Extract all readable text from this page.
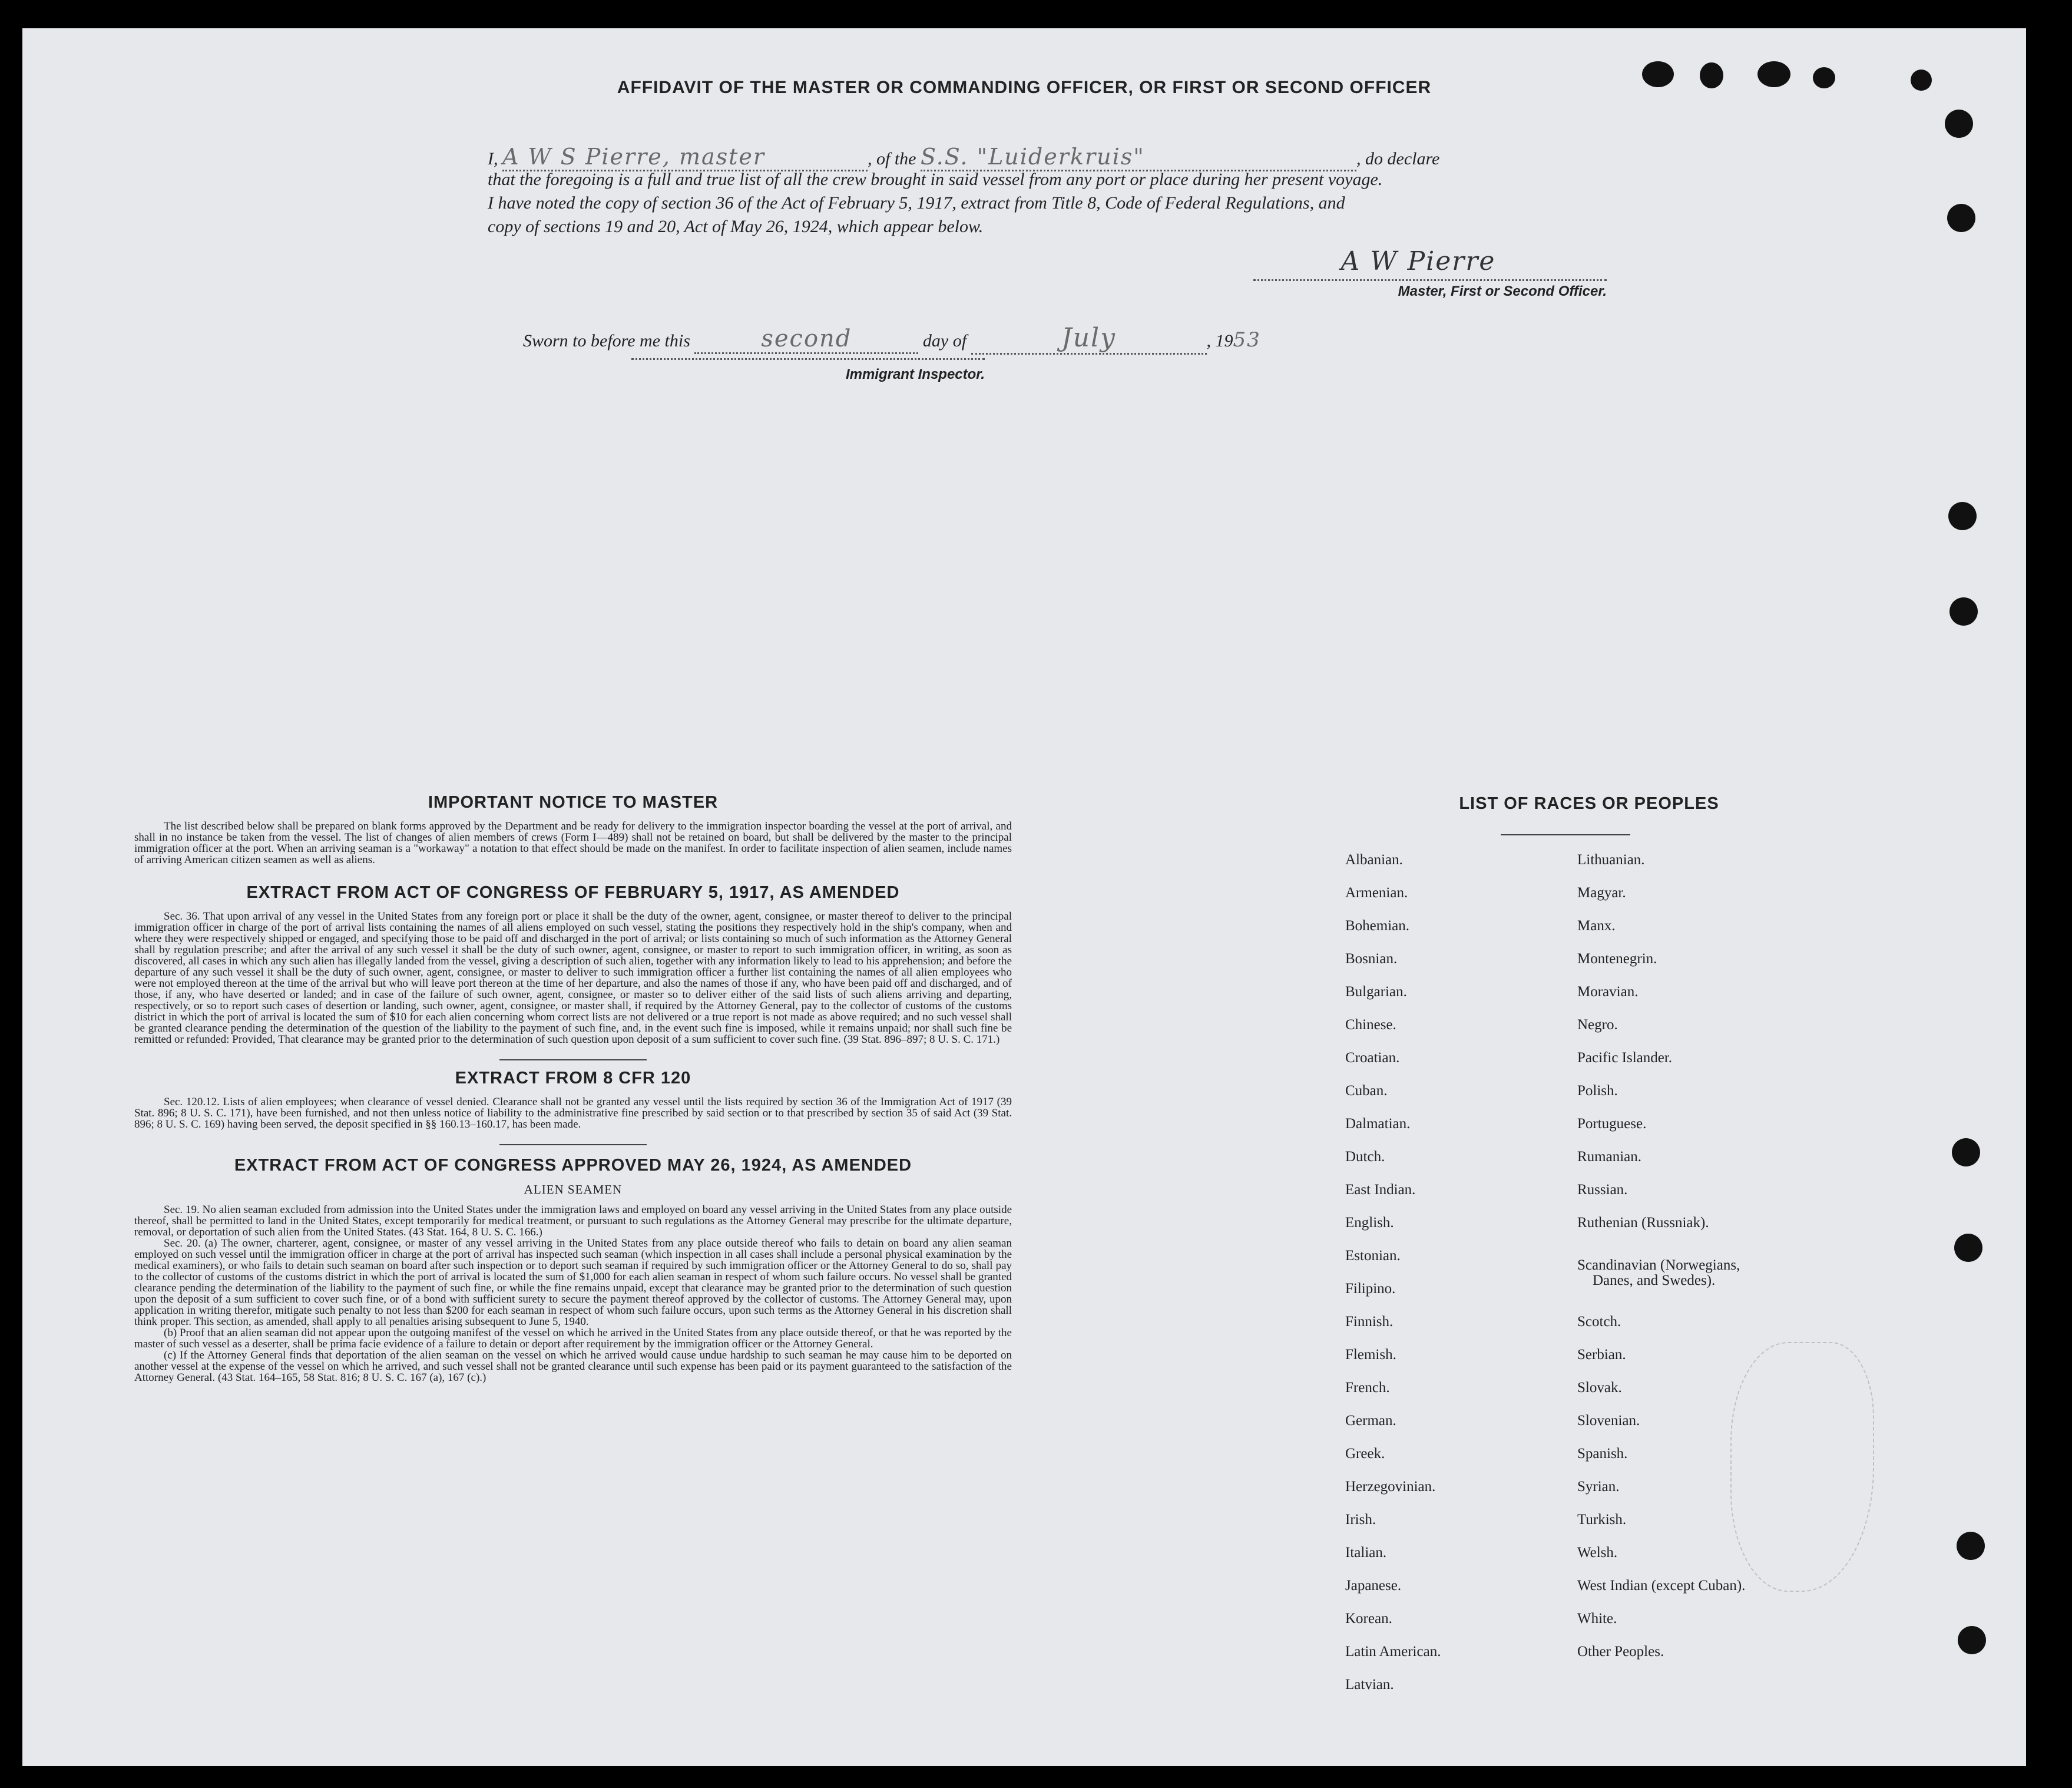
AFFIDAVIT OF THE MASTER OR COMMANDING OFFICER, OR FIRST OR SECOND OFFICER
I, A W S Pierre, master	, of the S.S. "Luiderkruis"	, do declare
that the foregoing is a full and true list of all the crew brought in said vessel from any port or place during her present voyage.
I have noted the copy of section 36 of the Act of February 5, 1917, extract from Title 8, Code of Federal Regulations, and
copy of sections 19 and 20, Act of May 26, 1924, which appear below.
A W Pierre
Master, First or Second Officer.
Sworn to before me this	second	day of	July	, 1953
Immigrant Inspector.
IMPORTANT NOTICE TO MASTER

The list described below shall be prepared on blank forms approved by the Department and be ready for delivery to the immigration inspector boarding the vessel at the port of arrival, and shall in no instance be taken from the vessel. The list of changes of alien members of crews (Form I—489) shall not be retained on board, but shall be delivered by the master to the principal immigration officer at the port. When an arriving seaman is a "workaway" a notation to that effect should be made on the manifest. In order to facilitate inspection of alien seamen, include names of arriving American citizen seamen as well as aliens.

EXTRACT FROM ACT OF CONGRESS OF FEBRUARY 5, 1917, AS AMENDED

Sec. 36. That upon arrival of any vessel in the United States from any foreign port or place it shall be the duty of the owner, agent, consignee, or master thereof to deliver to the principal immigration officer in charge of the port of arrival lists containing the names of all aliens employed on such vessel, stating the positions they respectively hold in the ship's company, when and where they were respectively shipped or engaged, and specifying those to be paid off and discharged in the port of arrival; or lists containing so much of such information as the Attorney General shall by regulation prescribe; and after the arrival of any such vessel it shall be the duty of such owner, agent, consignee, or master to report to such immigration officer, in writing, as soon as discovered, all cases in which any such alien has illegally landed from the vessel, giving a description of such alien, together with any information likely to lead to his apprehension; and before the departure of any such vessel it shall be the duty of such owner, agent, consignee, or master to deliver to such immigration officer a further list containing the names of all alien employees who were not employed thereon at the time of the arrival but who will leave port thereon at the time of her departure, and also the names of those if any, who have been paid off and discharged, and of those, if any, who have deserted or landed; and in case of the failure of such owner, agent, consignee, or master so to deliver either of the said lists of such aliens arriving and departing, respectively, or so to report such cases of desertion or landing, such owner, agent, consignee, or master shall, if required by the Attorney General, pay to the collector of customs of the customs district in which the port of arrival is located the sum of $10 for each alien concerning whom correct lists are not delivered or a true report is not made as above required; and no such vessel shall be granted clearance pending the determination of the question of the liability to the payment of such fine, and, in the event such fine is imposed, while it remains unpaid; nor shall such fine be remitted or refunded: Provided, That clearance may be granted prior to the determination of such question upon deposit of a sum sufficient to cover such fine. (39 Stat. 896–897; 8 U. S. C. 171.)

EXTRACT FROM 8 CFR 120

Sec. 120.12. Lists of alien employees; when clearance of vessel denied. Clearance shall not be granted any vessel until the lists required by section 36 of the Immigration Act of 1917 (39 Stat. 896; 8 U. S. C. 171), have been furnished, and not then unless notice of liability to the administrative fine prescribed by said section or to that prescribed by section 35 of said Act (39 Stat. 896; 8 U. S. C. 169) having been served, the deposit specified in §§ 160.13–160.17, has been made.

EXTRACT FROM ACT OF CONGRESS APPROVED MAY 26, 1924, AS AMENDED
ALIEN SEAMEN

Sec. 19. No alien seaman excluded from admission into the United States under the immigration laws and employed on board any vessel arriving in the United States from any place outside thereof, shall be permitted to land in the United States, except temporarily for medical treatment, or pursuant to such regulations as the Attorney General may prescribe for the ultimate departure, removal, or deportation of such alien from the United States. (43 Stat. 164, 8 U. S. C. 166.)

Sec. 20. (a) The owner, charterer, agent, consignee, or master of any vessel arriving in the United States from any place outside thereof who fails to detain on board any alien seaman employed on such vessel until the immigration officer in charge at the port of arrival has inspected such seaman (which inspection in all cases shall include a personal physical examination by the medical examiners), or who fails to detain such seaman on board after such inspection or to deport such seaman if required by such immigration officer or the Attorney General to do so, shall pay to the collector of customs of the customs district in which the port of arrival is located the sum of $1,000 for each alien seaman in respect of whom such failure occurs. No vessel shall be granted clearance pending the determination of the liability to the payment of such fine, or while the fine remains unpaid, except that clearance may be granted prior to the determination of such question upon the deposit of a sum sufficient to cover such fine, or of a bond with sufficient surety to secure the payment thereof approved by the collector of customs. The Attorney General may, upon application in writing therefor, mitigate such penalty to not less than $200 for each seaman in respect of whom such failure occurs, upon such terms as the Attorney General in his discretion shall think proper. This section, as amended, shall apply to all penalties arising subsequent to June 5, 1940.

(b) Proof that an alien seaman did not appear upon the outgoing manifest of the vessel on which he arrived in the United States from any place outside thereof, or that he was reported by the master of such vessel as a deserter, shall be prima facie evidence of a failure to detain or deport after requirement by the immigration officer or the Attorney General.

(c) If the Attorney General finds that deportation of the alien seaman on the vessel on which he arrived would cause undue hardship to such seaman he may cause him to be deported on another vessel at the expense of the vessel on which he arrived, and such vessel shall not be granted clearance until such expense has been paid or its payment guaranteed to the satisfaction of the Attorney General. (43 Stat. 164–165, 58 Stat. 816; 8 U. S. C. 167 (a), 167 (c).)

LIST OF RACES OR PEOPLES
Albanian.
Armenian.
Bohemian.
Bosnian.
Bulgarian.
Chinese.
Croatian.
Cuban.
Dalmatian.
Dutch.
East Indian.
English.
Estonian.
Filipino.
Finnish.
Flemish.
French.
German.
Greek.
Herzegovinian.
Irish.
Italian.
Japanese.
Korean.
Latin American.
Latvian.
Lithuanian.
Magyar.
Manx.
Montenegrin.
Moravian.
Negro.
Pacific Islander.
Polish.
Portuguese.
Rumanian.
Russian.
Ruthenian (Russniak).
Scandinavian (Norwegians,
Danes, and Swedes).
Scotch.
Serbian.
Slovak.
Slovenian.
Spanish.
Syrian.
Turkish.
Welsh.
West Indian (except Cuban).
White.
Other Peoples.
